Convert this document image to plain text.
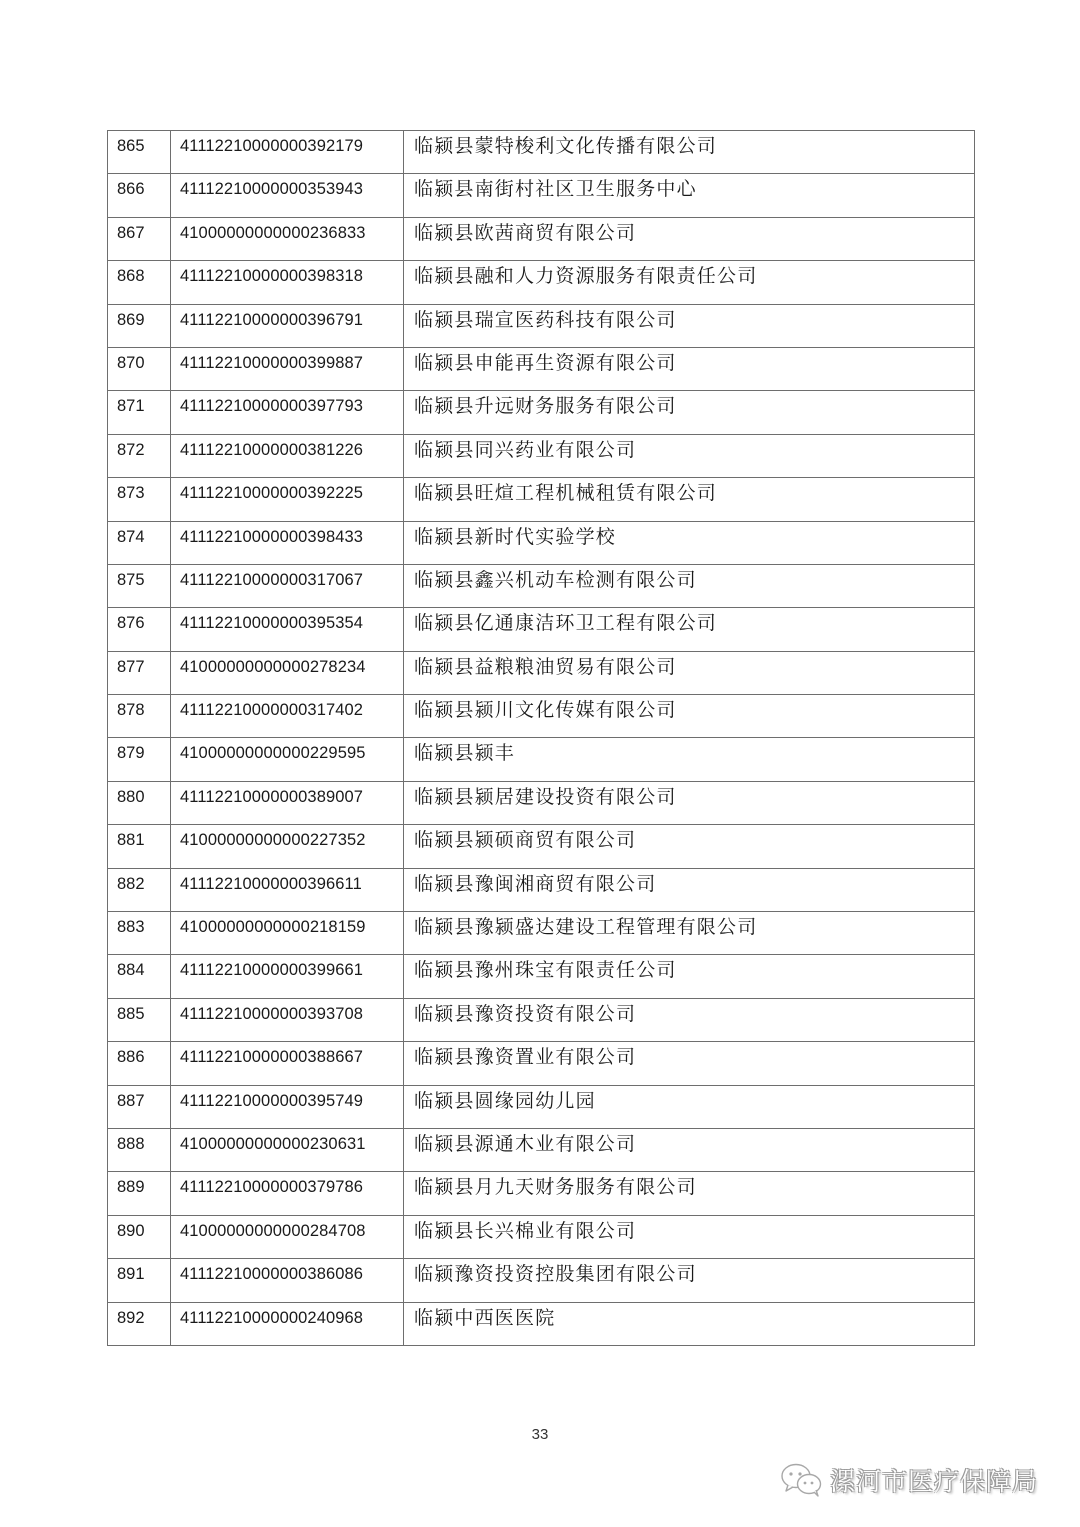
865	41112210000000392179	临颍县蒙特梭利文化传播有限公司
866	41112210000000353943	临颍县南街村社区卫生服务中心
867	41000000000000236833	临颍县欧茜商贸有限公司
868	41112210000000398318	临颍县融和人力资源服务有限责任公司
869	41112210000000396791	临颍县瑞宣医药科技有限公司
870	41112210000000399887	临颍县申能再生资源有限公司
871	41112210000000397793	临颍县升远财务服务有限公司
872	41112210000000381226	临颍县同兴药业有限公司
873	41112210000000392225	临颍县旺煊工程机械租赁有限公司
874	41112210000000398433	临颍县新时代实验学校
875	41112210000000317067	临颍县鑫兴机动车检测有限公司
876	41112210000000395354	临颍县亿通康洁环卫工程有限公司
877	41000000000000278234	临颍县益粮粮油贸易有限公司
878	41112210000000317402	临颍县颍川文化传媒有限公司
879	41000000000000229595	临颍县颍丰
880	41112210000000389007	临颍县颍居建设投资有限公司
881	41000000000000227352	临颍县颍硕商贸有限公司
882	41112210000000396611	临颍县豫闽湘商贸有限公司
883	41000000000000218159	临颍县豫颍盛达建设工程管理有限公司
884	41112210000000399661	临颍县豫州珠宝有限责任公司
885	41112210000000393708	临颍县豫资投资有限公司
886	41112210000000388667	临颍县豫资置业有限公司
887	41112210000000395749	临颍县圆缘园幼儿园
888	41000000000000230631	临颍县源通木业有限公司
889	41112210000000379786	临颍县月九天财务服务有限公司
890	41000000000000284708	临颍县长兴棉业有限公司
891	41112210000000386086	临颍豫资投资控股集团有限公司
892	41112210000000240968	临颍中西医医院
33
漯河市医疗保障局
